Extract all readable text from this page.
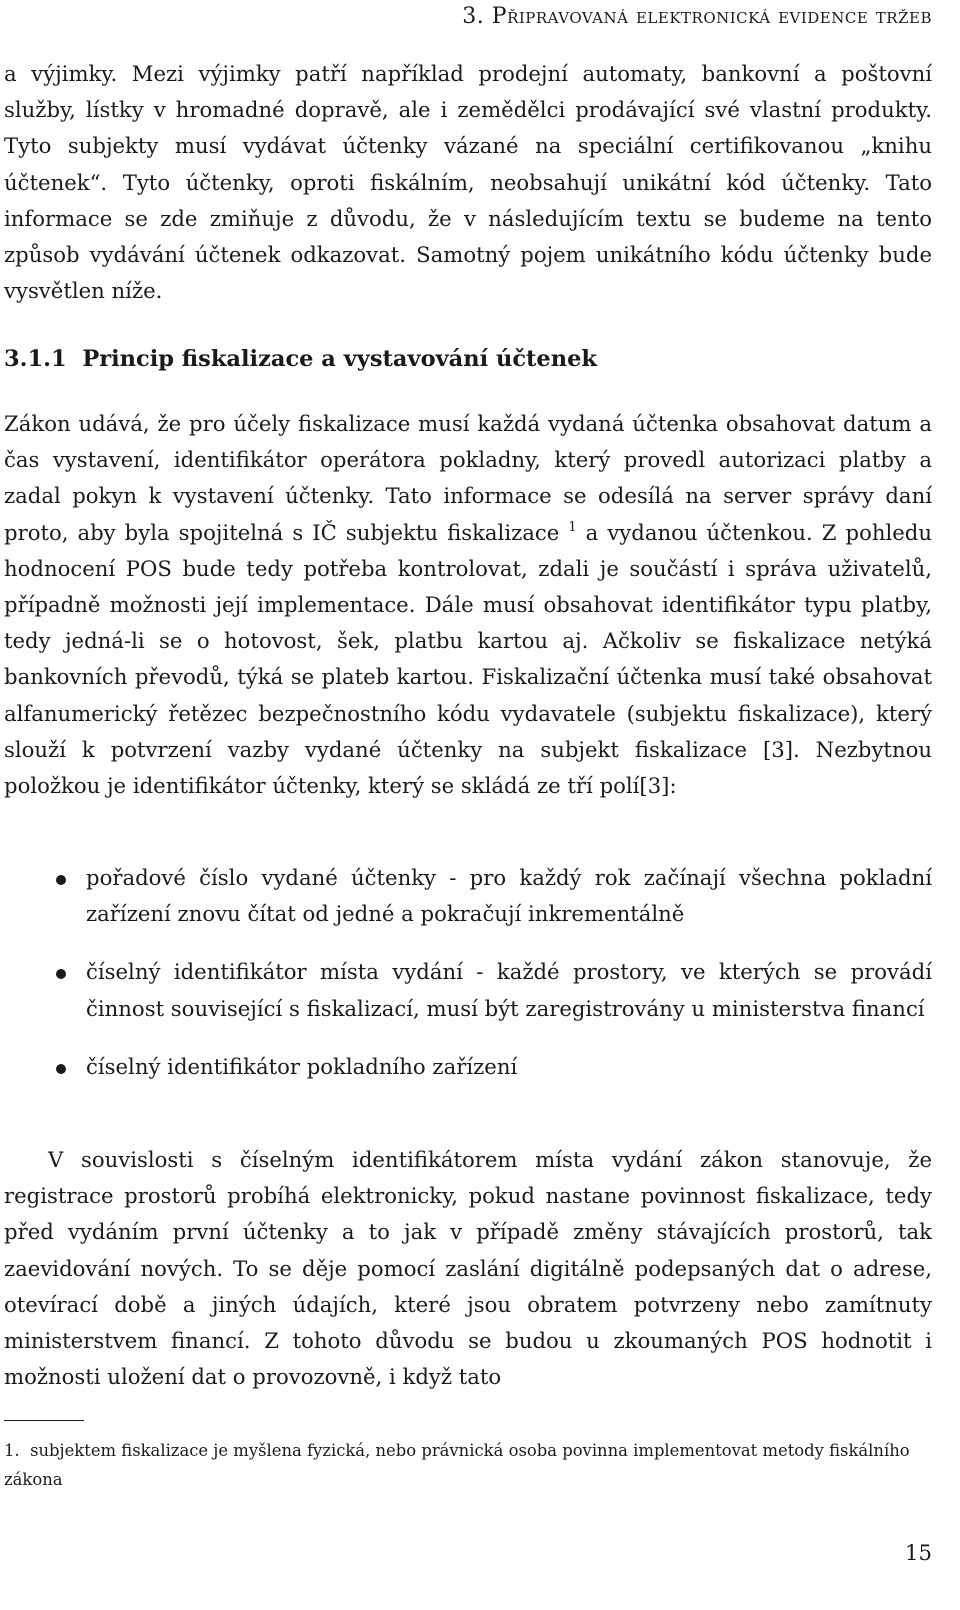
3. Připravovaná elektronická evidence tržeb
a výjimky. Mezi výjimky patří například prodejní automaty, bankovní a poštovní služby, lístky v hromadné dopravě, ale i zemědělci prodávající své vlastní produkty. Tyto subjekty musí vydávat účtenky vázané na speciální certifikovanou „knihu účtenek“. Tyto účtenky, oproti fiskálním, neobsahují unikátní kód účtenky. Tato informace se zde zmiňuje z důvodu, že v následujícím textu se budeme na tento způsob vydávání účtenek odkazovat. Samotný pojem unikátního kódu účtenky bude vysvětlen níže.
3.1.1 Princip fiskalizace a vystavování účtenek
Zákon udává, že pro účely fiskalizace musí každá vydaná účtenka obsahovat datum a čas vystavení, identifikátor operátora pokladny, který provedl autorizaci platby a zadal pokyn k vystavení účtenky. Tato informace se odesílá na server správy daní proto, aby byla spojitelná s IČ subjektu fiskalizace $^1$ a vydanou účtenkou. Z pohledu hodnocení POS bude tedy potřeba kontrolovat, zdali je součástí i správa uživatelů, případně možnosti její implementace. Dále musí obsahovat identifikátor typu platby, tedy jedná-li se o hotovost, šek, platbu kartou aj. Ačkoliv se fiskalizace netýká bankovních převodů, týká se plateb kartou. Fiskalizační účtenka musí také obsahovat alfanumerický řetězec bezpečnostního kódu vydavatele (subjektu fiskalizace), který slouží k potvrzení vazby vydané účtenky na subjekt fiskalizace [3]. Nezbytnou položkou je identifikátor účtenky, který se skládá ze tří polí[3]:
pořadové číslo vydané účtenky - pro každý rok začínají všechna pokladní zařízení znovu čítat od jedné a pokračují inkrementálně
číselný identifikátor místa vydání - každé prostory, ve kterých se provádí činnost související s fiskalizací, musí být zaregistrovány u ministerstva financí
číselný identifikátor pokladního zařízení
V souvislosti s číselným identifikátorem místa vydání zákon stanovuje, že registrace prostorů probíhá elektronicky, pokud nastane povinnost fiskalizace, tedy před vydáním první účtenky a to jak v případě změny stávajících prostorů, tak zaevidování nových. To se děje pomocí zaslání digitálně podepsaných dat o adrese, otevírací době a jiných údajích, které jsou obratem potvrzeny nebo zamítnuty ministerstvem financí. Z tohoto důvodu se budou u zkoumaných POS hodnotit i možnosti uložení dat o provozovně, i když tato
1. subjektem fiskalizace je myšlena fyzická, nebo právnická osoba povinna implementovat metody fiskálního zákona
15
